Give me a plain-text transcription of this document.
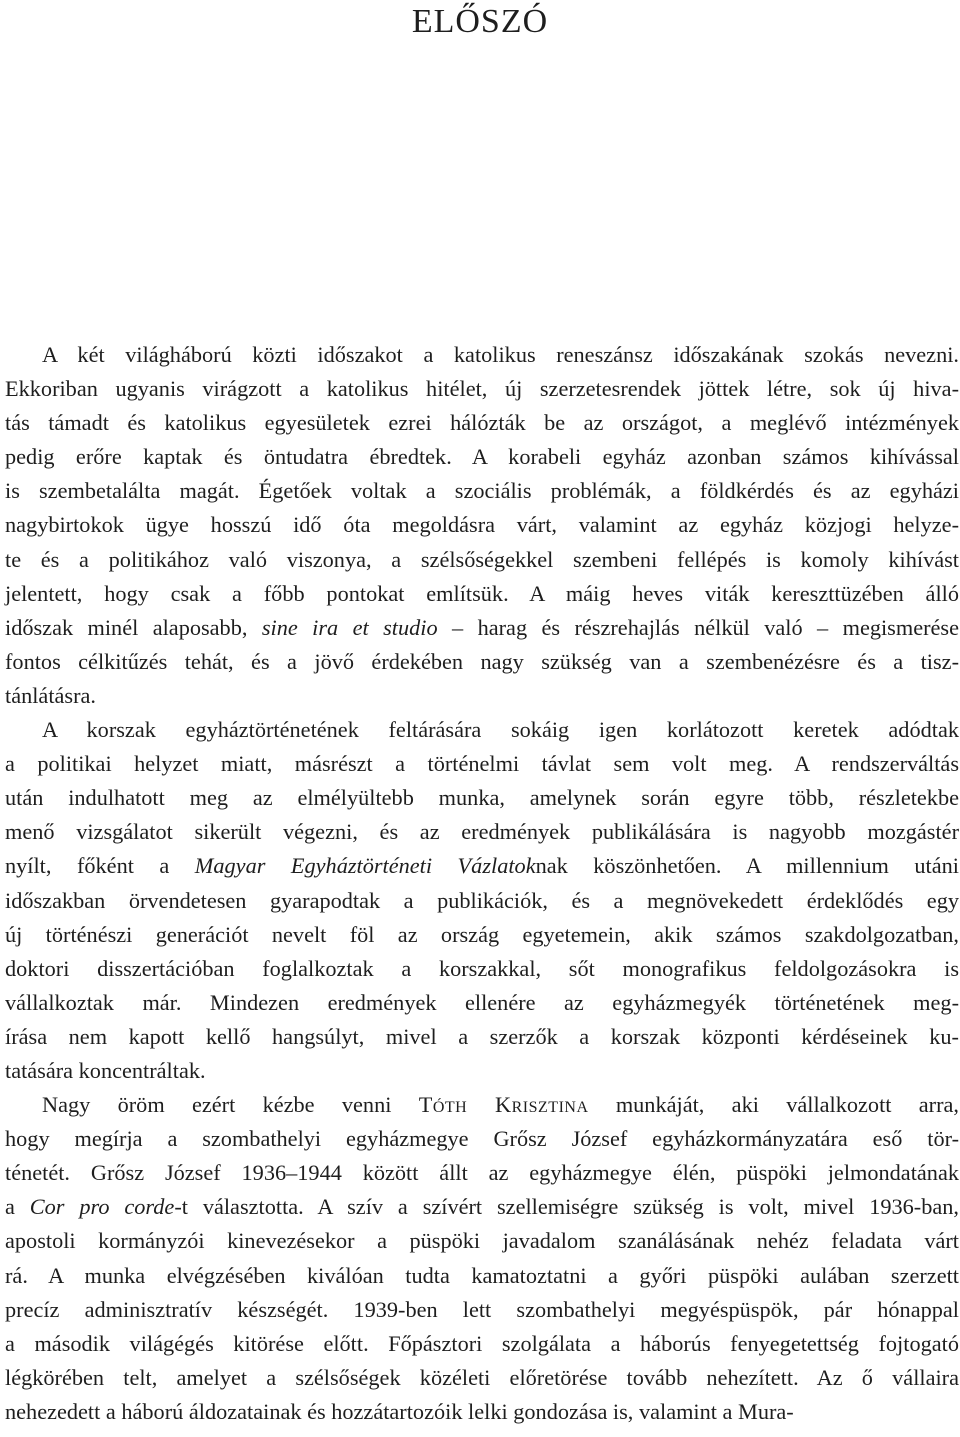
ELŐSZÓ
A két világháború közti időszakot a katolikus reneszánsz időszakának szokás nevezni.
Ekkoriban ugyanis virágzott a katolikus hitélet, új szerzetesrendek jöttek létre, sok új hiva-
tás támadt és katolikus egyesületek ezrei hálózták be az országot, a meglévő intézmények
pedig erőre kaptak és öntudatra ébredtek. A korabeli egyház azonban számos kihívással
is szembetalálta magát. Égetőek voltak a szociális problémák, a földkérdés és az egyházi
nagybirtokok ügye hosszú idő óta megoldásra várt, valamint az egyház közjogi helyze-
te és a politikához való viszonya, a szélsőségekkel szembeni fellépés is komoly kihívást
jelentett, hogy csak a főbb pontokat említsük. A máig heves viták kereszttüzében álló
időszak minél alaposabb, sine ira et studio – harag és részrehajlás nélkül való – megismerése
fontos célkitűzés tehát, és a jövő érdekében nagy szükség van a szembenézésre és a tisz-
tánlátásra.
A korszak egyháztörténetének feltárására sokáig igen korlátozott keretek adódtak
a politikai helyzet miatt, másrészt a történelmi távlat sem volt meg. A rendszerváltás
után indulhatott meg az elmélyültebb munka, amelynek során egyre több, részletekbe
menő vizsgálatot sikerült végezni, és az eredmények publikálására is nagyobb mozgástér
nyílt, főként a Magyar Egyháztörténeti Vázlatoknak köszönhetően. A millennium utáni
időszakban örvendetesen gyarapodtak a publikációk, és a megnövekedett érdeklődés egy
új történészi generációt nevelt föl az ország egyetemein, akik számos szakdolgozatban,
doktori disszertációban foglalkoztak a korszakkal, sőt monografikus feldolgozásokra is
vállalkoztak már. Mindezen eredmények ellenére az egyházmegyék történetének meg-
írása nem kapott kellő hangsúlyt, mivel a szerzők a korszak központi kérdéseinek ku-
tatására koncentráltak.
Nagy öröm ezért kézbe venni Tóth Krisztina munkáját, aki vállalkozott arra,
hogy megírja a szombathelyi egyházmegye Grősz József egyházkormányzatára eső tör-
ténetét. Grősz József 1936–1944 között állt az egyházmegye élén, püspöki jelmondatának
a Cor pro corde-t választotta. A szív a szívért szellemiségre szükség is volt, mivel 1936-ban,
apostoli kormányzói kinevezésekor a püspöki javadalom szanálásának nehéz feladata várt
rá. A munka elvégzésében kiválóan tudta kamatoztatni a győri püspöki aulában szerzett
precíz adminisztratív készségét. 1939-ben lett szombathelyi megyéspüspök, pár hónappal
a második világégés kitörése előtt. Főpásztori szolgálata a háborús fenyegetettség fojtogató
légkörében telt, amelyet a szélsőségek közéleti előretörése tovább nehezített. Az ő vállaira
nehezedett a háború áldozatainak és hozzátartozóik lelki gondozása is, valamint a Mura-
